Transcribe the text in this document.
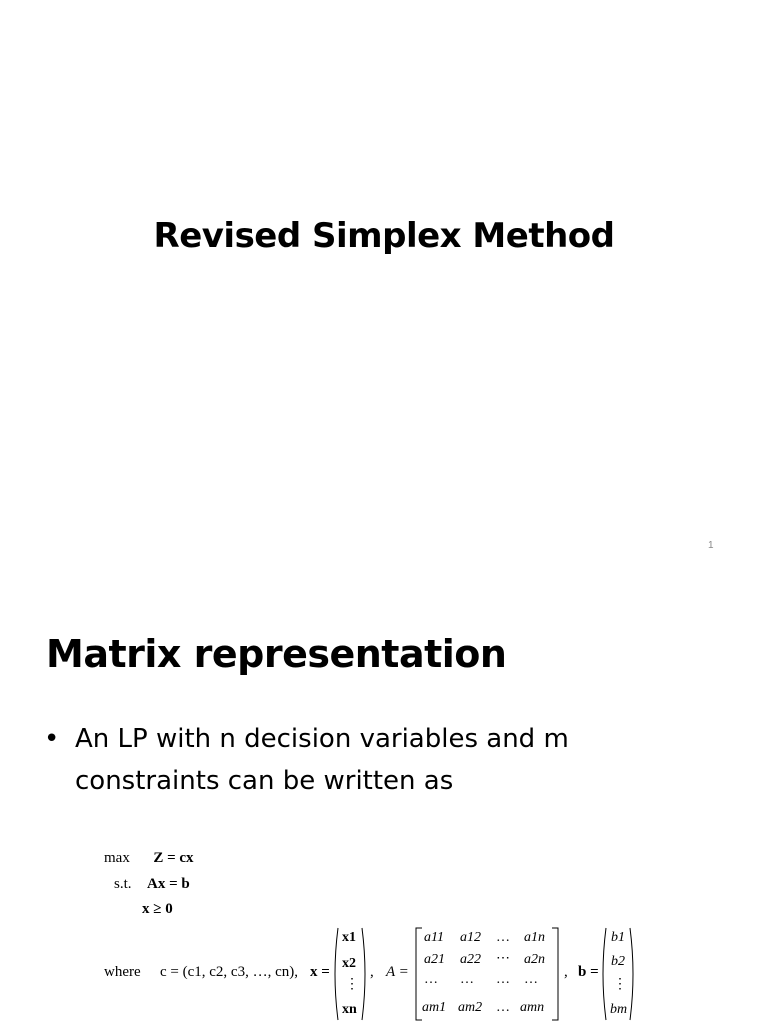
Revised Simplex Method
1
Matrix representation
• An LP with n decision variables and m constraints can be written as
max Z = cx
s.t. Ax = b
x ≥ 0
where c = (c1, c2, c3, …, cn), x =
x1
x2
⋮
xn
, A =
a11 a12 … a1n
a21 a22 ⋯ a2n
… … … …
am1 am2 … amn
, b =
b1
b2
⋮
bm
